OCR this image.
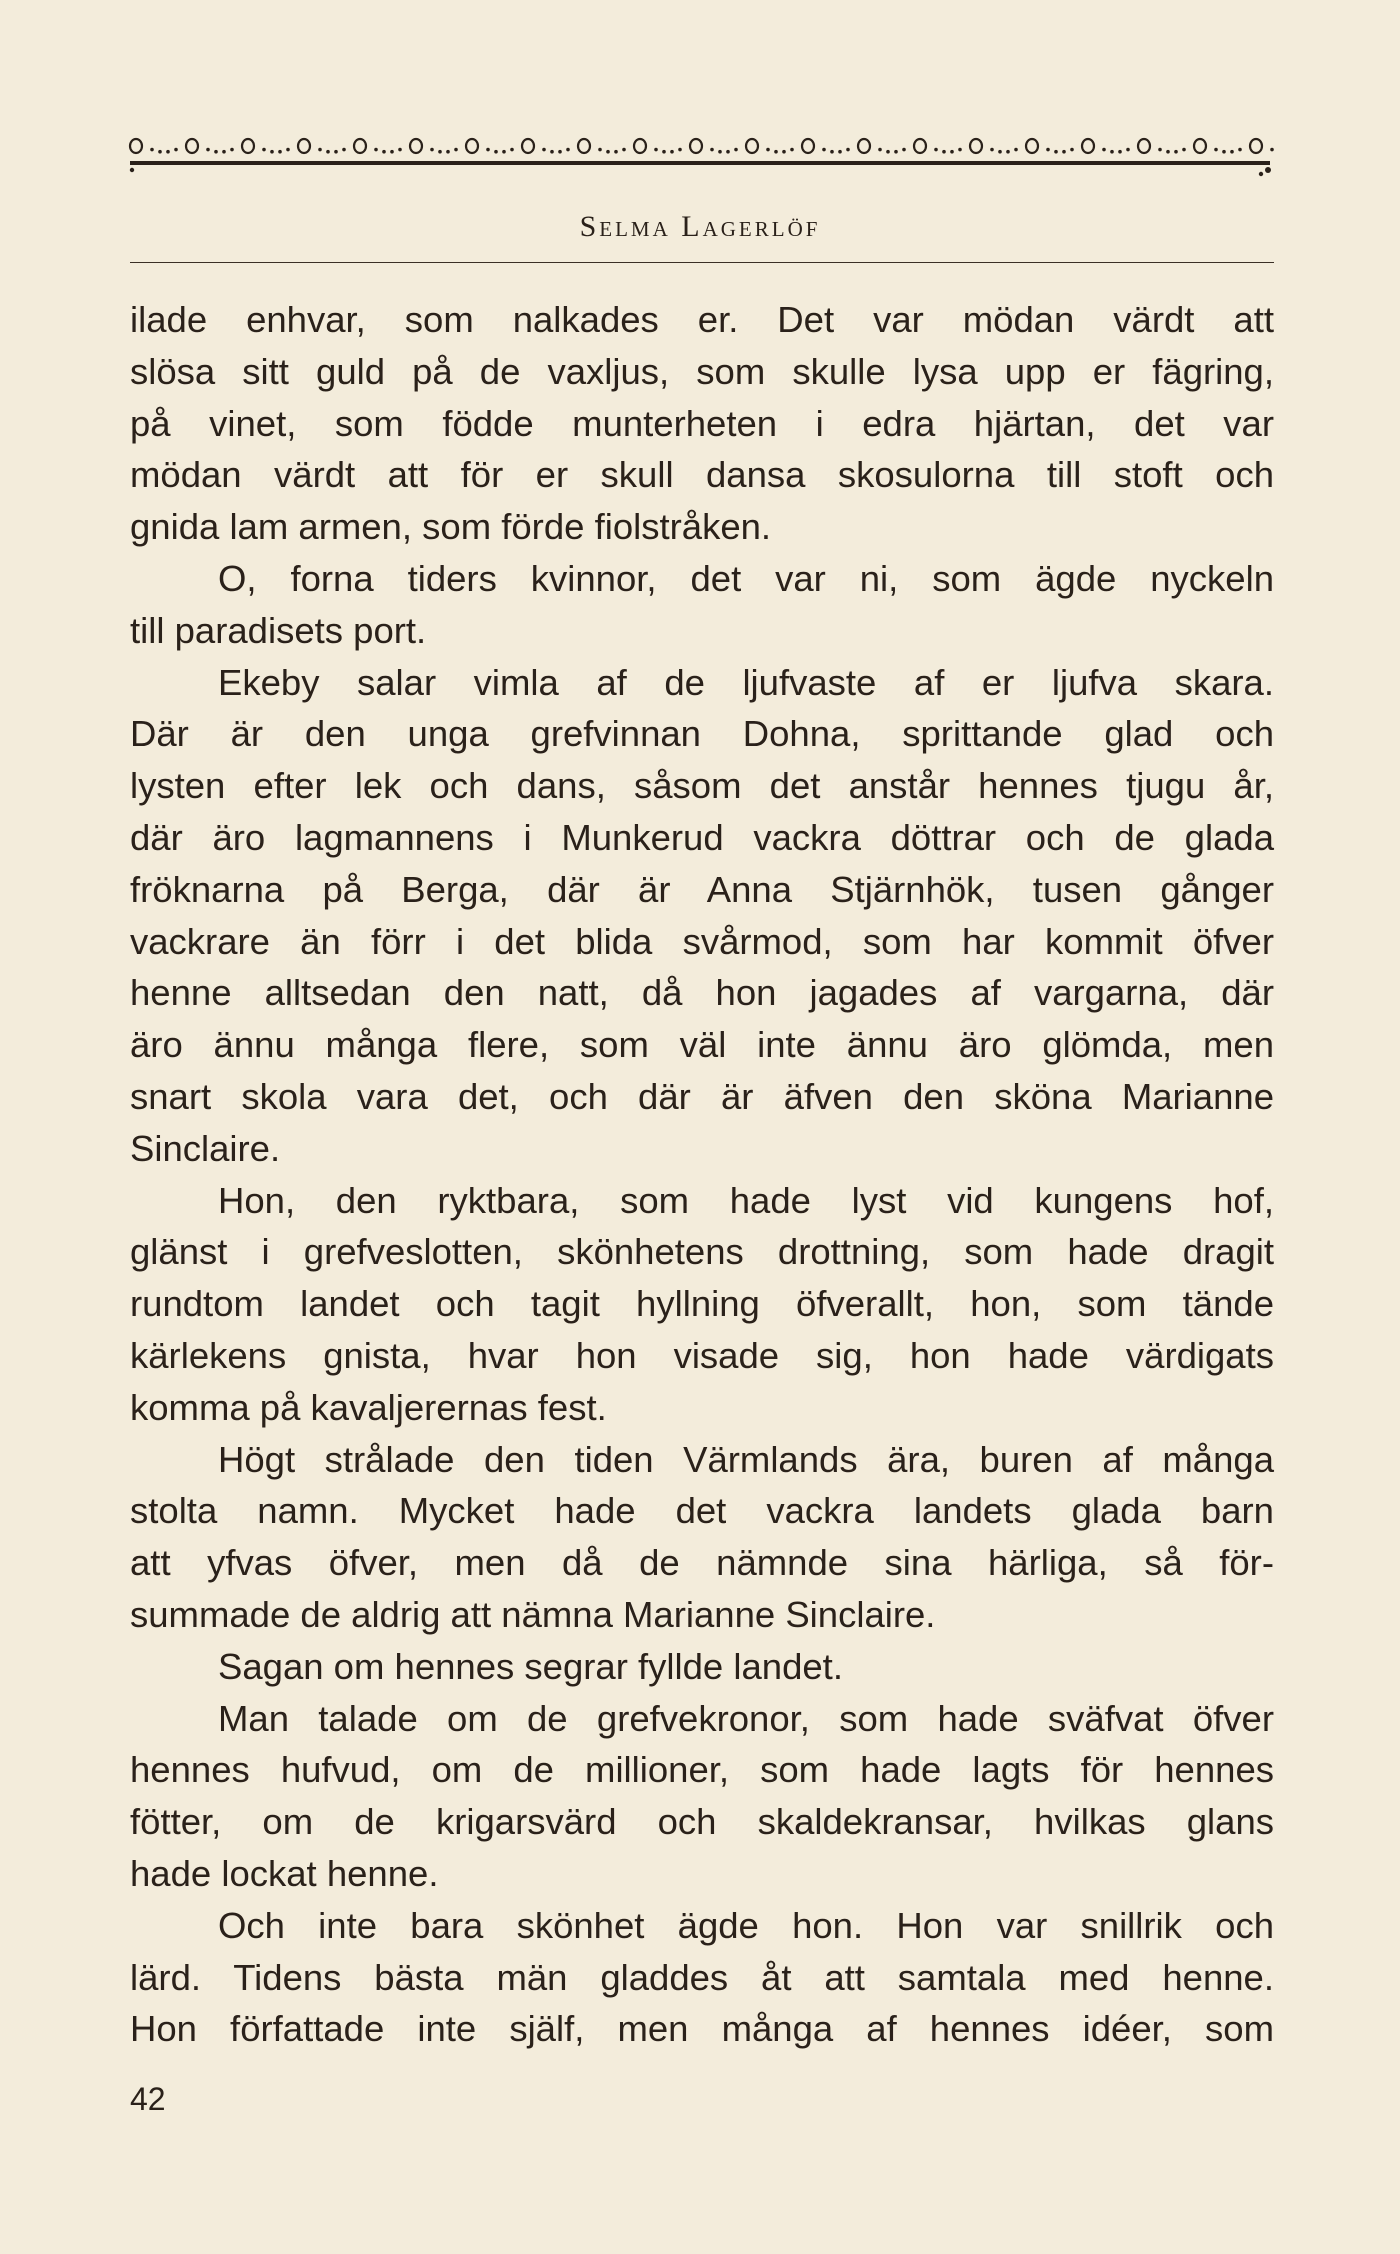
Selma Lagerlöf

ilade enhvar, som nalkades er. Det var mödan värdt att

slösa sitt guld på de vaxljus, som skulle lysa upp er fägring,

på vinet, som födde munterheten i edra hjärtan, det var

mödan värdt att för er skull dansa skosulorna till stoft och

gnida lam armen, som förde fiolstråken.

O, forna tiders kvinnor, det var ni, som ägde nyckeln

till paradisets port.

Ekeby salar vimla af de ljufvaste af er ljufva skara.

Där är den unga grefvinnan Dohna, sprittande glad och

lysten efter lek och dans, såsom det anstår hennes tjugu år,

där äro lagmannens i Munkerud vackra döttrar och de glada

fröknarna på Berga, där är Anna Stjärnhök, tusen gånger

vackrare än förr i det blida svårmod, som har kommit öfver

henne alltsedan den natt, då hon jagades af vargarna, där

äro ännu många flere, som väl inte ännu äro glömda, men

snart skola vara det, och där är äfven den sköna Marianne

Sinclaire.

Hon, den ryktbara, som hade lyst vid kungens hof,

glänst i grefveslotten, skönhetens drottning, som hade dragit

rundtom landet och tagit hyllning öfverallt, hon, som tände

kärlekens gnista, hvar hon visade sig, hon hade värdigats

komma på kavaljerernas fest.

Högt strålade den tiden Värmlands ära, buren af många

stolta namn. Mycket hade det vackra landets glada barn

att yfvas öfver, men då de nämnde sina härliga, så för-

summade de aldrig att nämna Marianne Sinclaire.

Sagan om hennes segrar fyllde landet.

Man talade om de grefvekronor, som hade sväfvat öfver

hennes hufvud, om de millioner, som hade lagts för hennes

fötter, om de krigarsvärd och skaldekransar, hvilkas glans

hade lockat henne.

Och inte bara skönhet ägde hon. Hon var snillrik och

lärd. Tidens bästa män gladdes åt att samtala med henne.

Hon författade inte själf, men många af hennes idéer, som

42
